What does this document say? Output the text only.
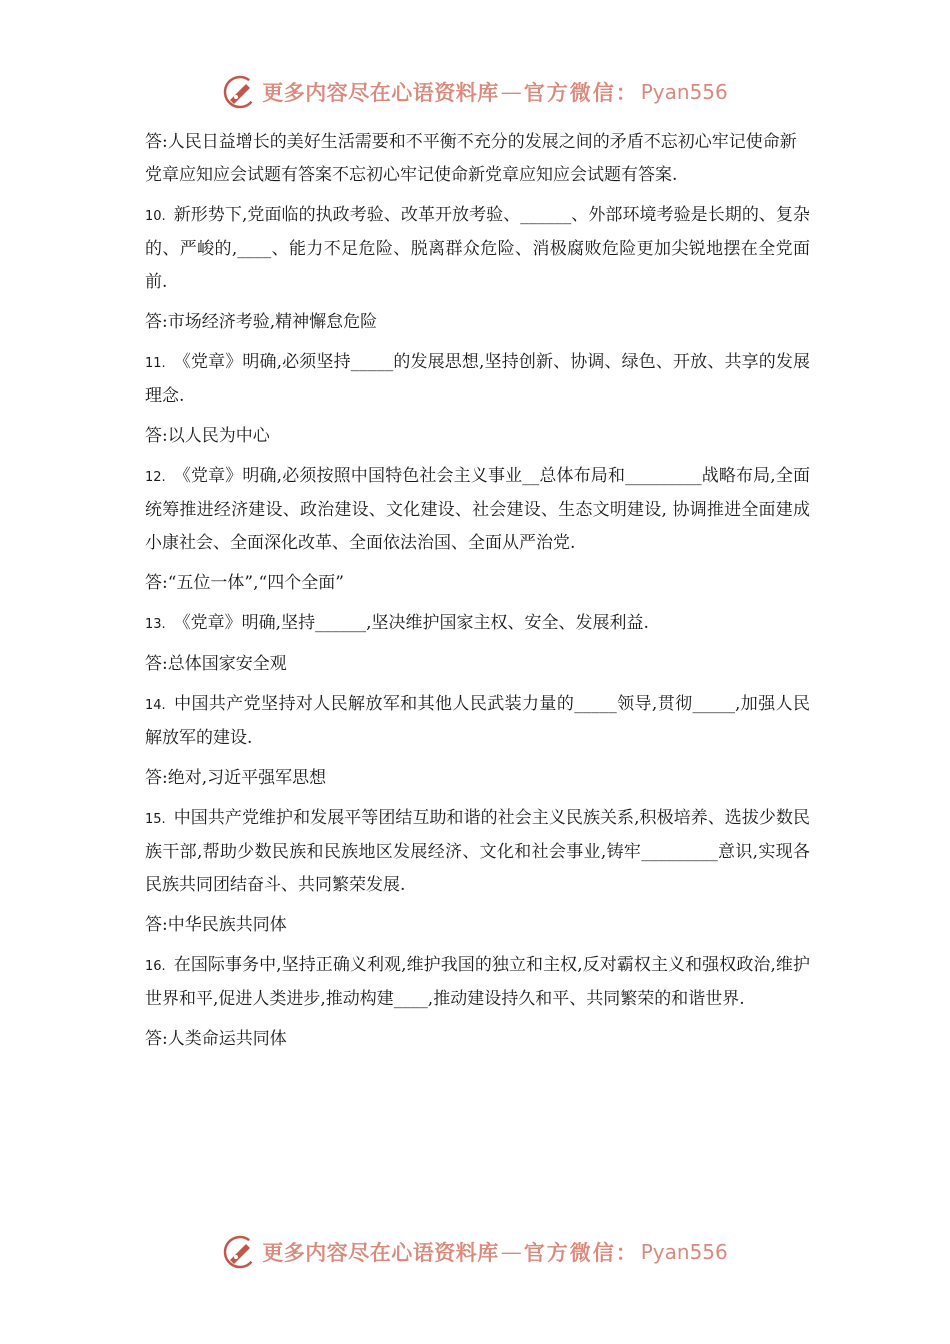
更多内容尽在心语资料库 — 官方微信： Pyan556

答:人民日益增长的美好生活需要和不平衡不充分的发展之间的矛盾不忘初心牢记使命新党章应知应会试题有答案不忘初心牢记使命新党章应知应会试题有答案.

10. 新形势下,党面临的执政考验、改革开放考验、______、外部环境考验是长期的、复杂的、严峻的,____、能力不足危险、脱离群众危险、消极腐败危险更加尖锐地摆在全党面前.

答:市场经济考验,精神懈怠危险

11. 《党章》明确,必须坚持_____的发展思想,坚持创新、协调、绿色、开放、共享的发展理念.

答:以人民为中心

12. 《党章》明确,必须按照中国特色社会主义事业__总体布局和_________战略布局,全面统筹推进经济建设、政治建设、文化建设、社会建设、生态文明建设, 协调推进全面建成小康社会、全面深化改革、全面依法治国、全面从严治党.

答:“五位一体”,“四个全面”

13. 《党章》明确,坚持______,坚决维护国家主权、安全、发展利益.

答:总体国家安全观

14. 中国共产党坚持对人民解放军和其他人民武装力量的_____领导,贯彻_____,加强人民解放军的建设.

答:绝对,习近平强军思想

15. 中国共产党维护和发展平等团结互助和谐的社会主义民族关系,积极培养、选拔少数民族干部,帮助少数民族和民族地区发展经济、文化和社会事业,铸牢_________意识,实现各民族共同团结奋斗、共同繁荣发展.

答:中华民族共同体

16. 在国际事务中,坚持正确义利观,维护我国的独立和主权,反对霸权主义和强权政治,维护世界和平,促进人类进步,推动构建____,推动建设持久和平、共同繁荣的和谐世界.

答:人类命运共同体

更多内容尽在心语资料库 — 官方微信： Pyan556
